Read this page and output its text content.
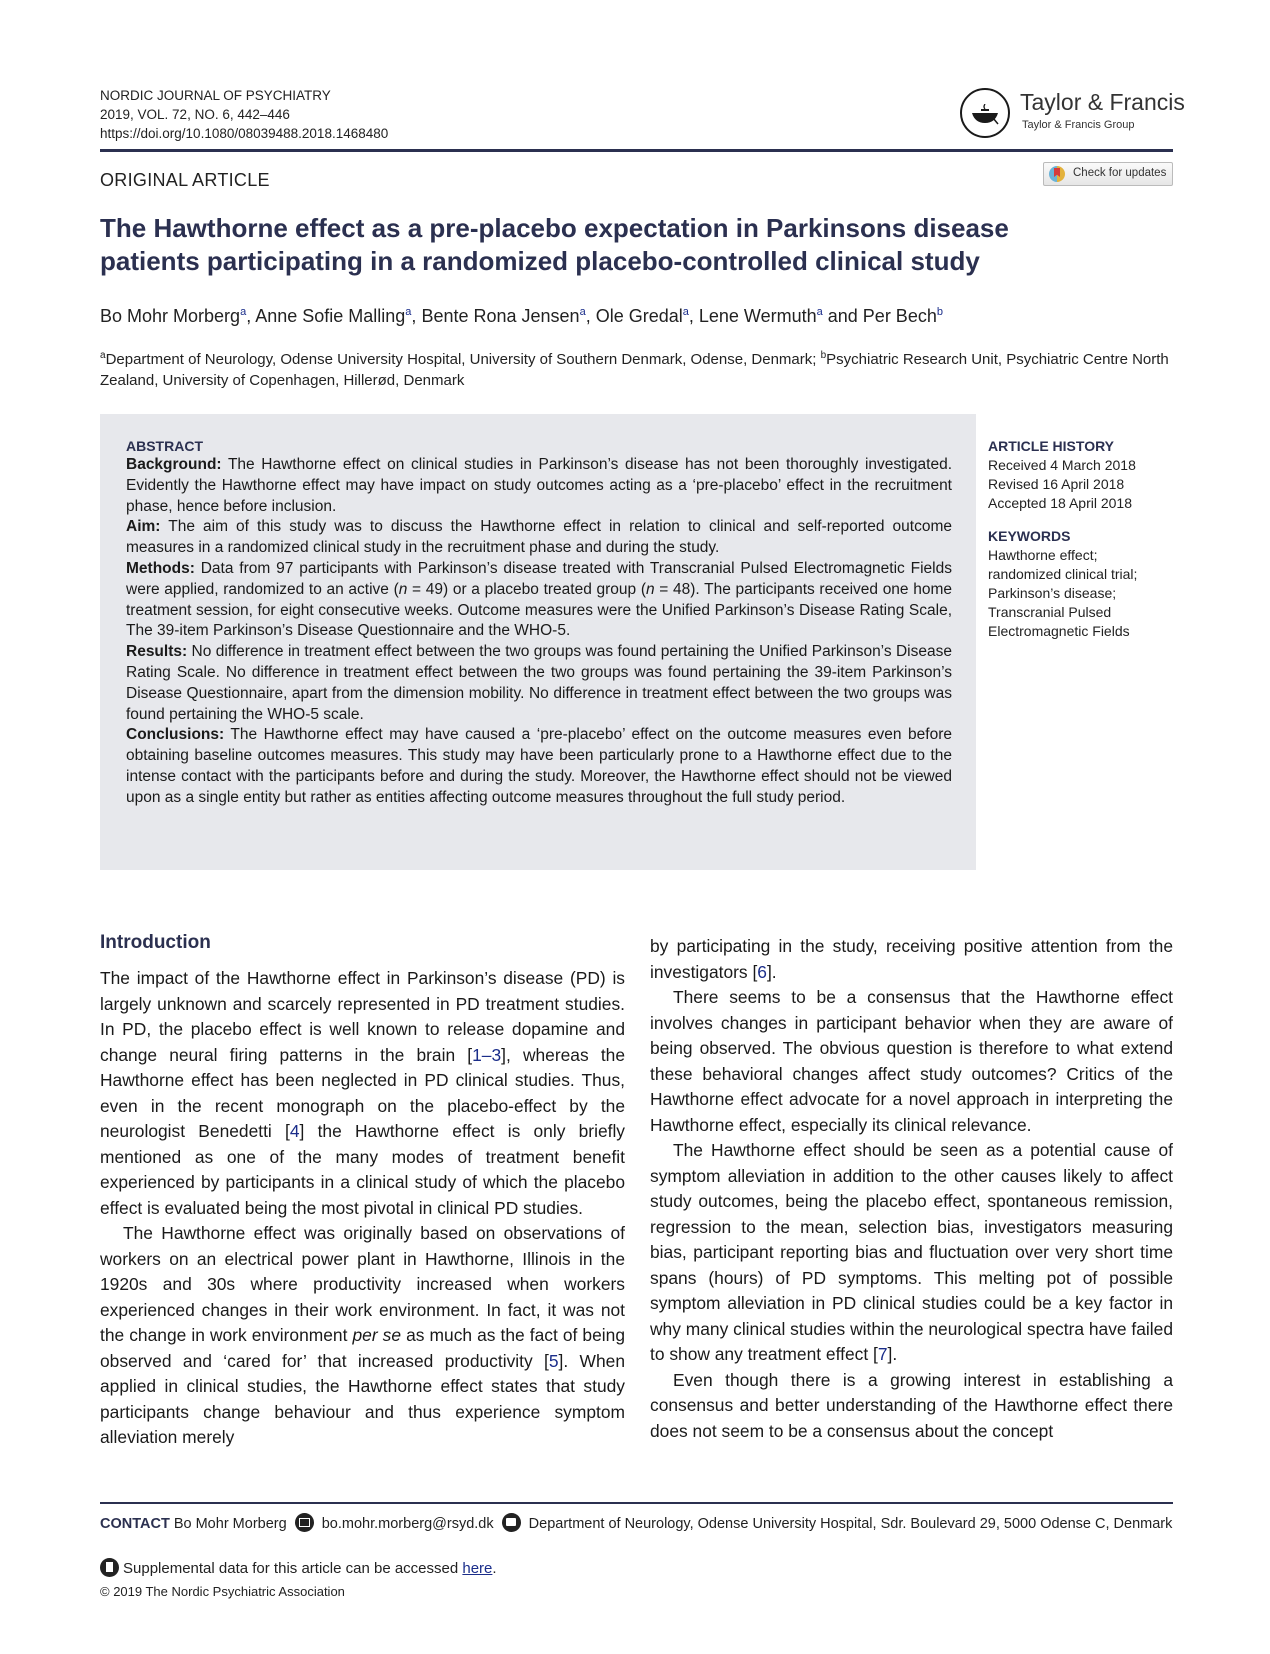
NORDIC JOURNAL OF PSYCHIATRY
2019, VOL. 72, NO. 6, 442–446
https://doi.org/10.1080/08039488.2018.1468480
Taylor & Francis
Taylor & Francis Group
ORIGINAL ARTICLE	Check for updates
The Hawthorne effect as a pre-placebo expectation in Parkinsons disease patients participating in a randomized placebo-controlled clinical study
Bo Mohr Morberg$^a$, Anne Sofie Malling$^a$, Bente Rona Jensen$^a$, Ole Gredal$^a$, Lene Wermuth$^a$ and Per Bech$^b$
$^a$Department of Neurology, Odense University Hospital, University of Southern Denmark, Odense, Denmark; $^b$Psychiatric Research Unit, Psychiatric Centre North Zealand, University of Copenhagen, Hillerød, Denmark
ABSTRACT

Background: The Hawthorne effect on clinical studies in Parkinson’s disease has not been thoroughly investigated. Evidently the Hawthorne effect may have impact on study outcomes acting as a ‘pre-placebo’ effect in the recruitment phase, hence before inclusion.

Aim: The aim of this study was to discuss the Hawthorne effect in relation to clinical and self-reported outcome measures in a randomized clinical study in the recruitment phase and during the study.

Methods: Data from 97 participants with Parkinson’s disease treated with Transcranial Pulsed Electromagnetic Fields were applied, randomized to an active (n = 49) or a placebo treated group (n = 48). The participants received one home treatment session, for eight consecutive weeks. Outcome measures were the Unified Parkinson’s Disease Rating Scale, The 39-item Parkinson’s Disease Questionnaire and the WHO-5.

Results: No difference in treatment effect between the two groups was found pertaining the Unified Parkinson’s Disease Rating Scale. No difference in treatment effect between the two groups was found pertaining the 39-item Parkinson’s Disease Questionnaire, apart from the dimension mobility. No difference in treatment effect between the two groups was found pertaining the WHO-5 scale.

Conclusions: The Hawthorne effect may have caused a ‘pre-placebo’ effect on the outcome measures even before obtaining baseline outcomes measures. This study may have been particularly prone to a Hawthorne effect due to the intense contact with the participants before and during the study. Moreover, the Hawthorne effect should not be viewed upon as a single entity but rather as entities affecting outcome measures throughout the full study period.

ARTICLE HISTORY
Received 4 March 2018
Revised 16 April 2018
Accepted 18 April 2018
KEYWORDS
Hawthorne effect;
randomized clinical trial;
Parkinson’s disease;
Transcranial Pulsed Electromagnetic Fields
Introduction

The impact of the Hawthorne effect in Parkinson’s disease (PD) is largely unknown and scarcely represented in PD treatment studies. In PD, the placebo effect is well known to release dopamine and change neural firing patterns in the brain [1–3], whereas the Hawthorne effect has been neglected in PD clinical studies. Thus, even in the recent monograph on the placebo-effect by the neurologist Benedetti [4] the Hawthorne effect is only briefly mentioned as one of the many modes of treatment benefit experienced by participants in a clinical study of which the placebo effect is evaluated being the most pivotal in clinical PD studies.

The Hawthorne effect was originally based on observations of workers on an electrical power plant in Hawthorne, Illinois in the 1920s and 30s where productivity increased when workers experienced changes in their work environment. In fact, it was not the change in work environment per se as much as the fact of being observed and ‘cared for’ that increased productivity [5]. When applied in clinical studies, the Hawthorne effect states that study participants change behaviour and thus experience symptom alleviation merely

by participating in the study, receiving positive attention from the investigators [6].

There seems to be a consensus that the Hawthorne effect involves changes in participant behavior when they are aware of being observed. The obvious question is therefore to what extend these behavioral changes affect study outcomes? Critics of the Hawthorne effect advocate for a novel approach in interpreting the Hawthorne effect, especially its clinical relevance.

The Hawthorne effect should be seen as a potential cause of symptom alleviation in addition to the other causes likely to affect study outcomes, being the placebo effect, spontaneous remission, regression to the mean, selection bias, investigators measuring bias, participant reporting bias and fluctuation over very short time spans (hours) of PD symptoms. This melting pot of possible symptom alleviation in PD clinical studies could be a key factor in why many clinical studies within the neurological spectra have failed to show any treatment effect [7].

Even though there is a growing interest in establishing a consensus and better understanding of the Hawthorne effect there does not seem to be a consensus about the concept

CONTACT Bo Mohr Morberg bo.mohr.morberg@rsyd.dk Department of Neurology, Odense University Hospital, Sdr. Boulevard 29, 5000 Odense C, Denmark
Supplemental data for this article can be accessed here.
© 2019 The Nordic Psychiatric Association
